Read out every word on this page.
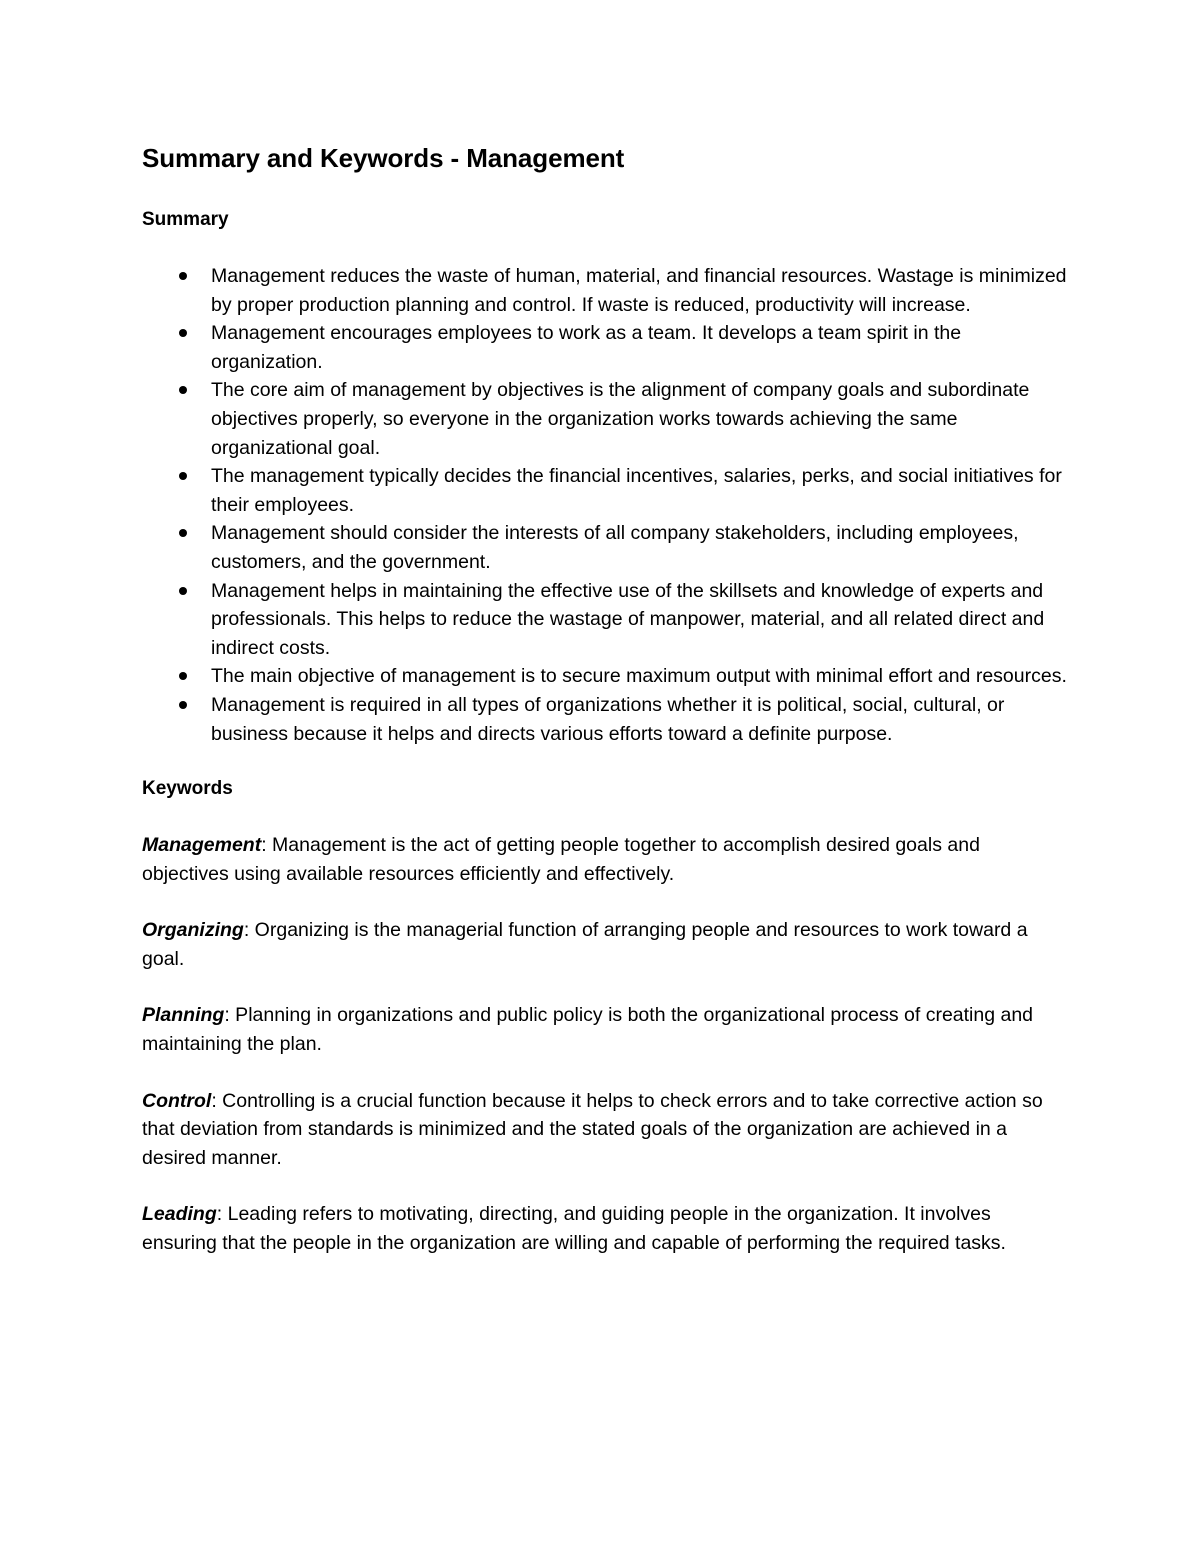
Summary and Keywords - Management
Summary
Management reduces the waste of human, material, and financial resources. Wastage is minimized by proper production planning and control. If waste is reduced, productivity will increase.
Management encourages employees to work as a team. It develops a team spirit in the organization.
The core aim of management by objectives is the alignment of company goals and subordinate objectives properly, so everyone in the organization works towards achieving the same organizational goal.
The management typically decides the financial incentives, salaries, perks, and social initiatives for their employees.
Management should consider the interests of all company stakeholders, including employees, customers, and the government.
Management helps in maintaining the effective use of the skillsets and knowledge of experts and professionals. This helps to reduce the wastage of manpower, material, and all related direct and indirect costs.
The main objective of management is to secure maximum output with minimal effort and resources.
Management is required in all types of organizations whether it is political, social, cultural, or business because it helps and directs various efforts toward a definite purpose.
Keywords

Management: Management is the act of getting people together to accomplish desired goals and objectives using available resources efficiently and effectively.

Organizing: Organizing is the managerial function of arranging people and resources to work toward a goal.

Planning: Planning in organizations and public policy is both the organizational process of creating and maintaining the plan.

Control: Controlling is a crucial function because it helps to check errors and to take corrective action so that deviation from standards is minimized and the stated goals of the organization are achieved in a desired manner.

Leading: Leading refers to motivating, directing, and guiding people in the organization. It involves ensuring that the people in the organization are willing and capable of performing the required tasks.
